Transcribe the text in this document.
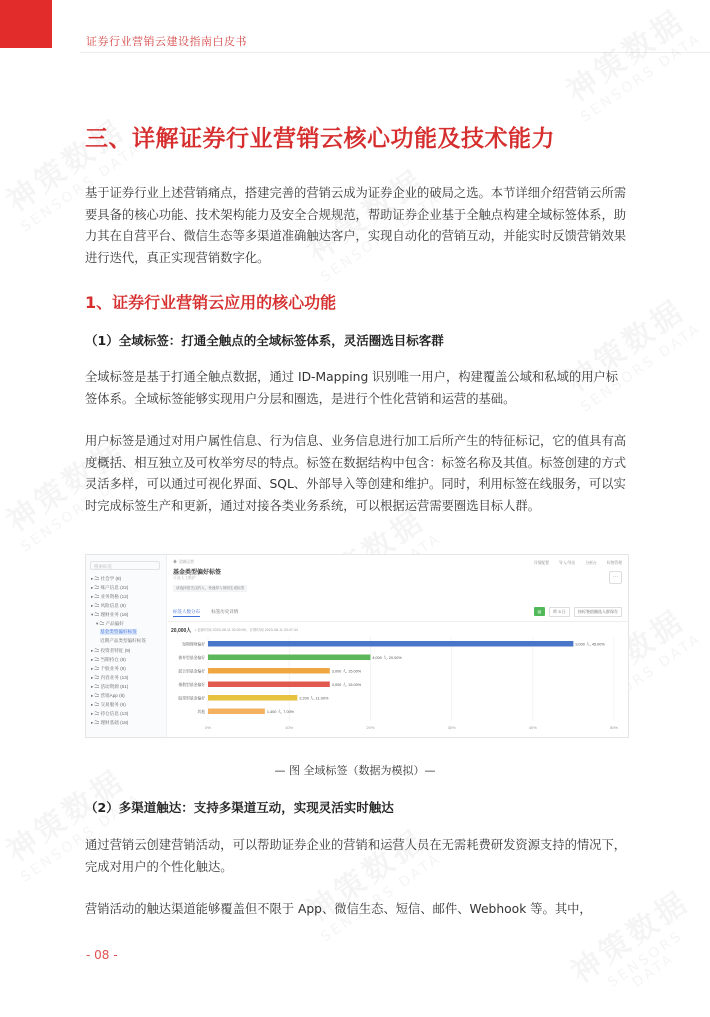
证券行业营销云建设指南白皮书
三、详解证券行业营销云核心功能及技术能力
基于证券行业上述营销痛点，搭建完善的营销云成为证券企业的破局之选。本节详细介绍营销云所需要具备的核心功能、技术架构能力及安全合规规范，帮助证券企业基于全触点构建全域标签体系，助力其在自营平台、微信生态等多渠道准确触达客户，实现自动化的营销互动，并能实时反馈营销效果进行迭代，真正实现营销数字化。
1、证券行业营销云应用的核心功能
（1）全域标签：打通全触点的全域标签体系，灵活圈选目标客群
全域标签是基于打通全触点数据，通过 ID-Mapping 识别唯一用户，构建覆盖公域和私域的用户标签体系。全域标签能够实现用户分层和圈选，是进行个性化营销和运营的基础。
用户标签是通过对用户属性信息、行为信息、业务信息进行加工后所产生的特征标记，它的值具有高度概括、相互独立及可枚举穷尽的特点。标签在数据结构中包含：标签名称及其值。标签创建的方式灵活多样，可以通过可视化界面、SQL、外部导入等创建和维护。同时，利用标签在线服务，可以实时完成标签生产和更新，通过对接各类业务系统，可以根据运营需要圈选目标人群。
搜索标签
▸ 🗀 社会学 (8)
▸ 🗀 账户信息 (22)
▸ 🗀 业务资格 (12)
▸ 🗀 风险信息 (8)
▾ 🗀 理财业务 (16)
▾ 🗀 产品偏好
基金类型偏好标签
近期产品类型偏好标签
▸ 🗀 投资者特征 (9)
▸ 🗀 当期持仓 (8)
▸ 🗀 个股业务 (8)
▸ 🗀 内容业务 (13)
▸ 🗀 活动资源 (61)
▸ 🗀 营销App (8)
▸ 🗀 交易服务 (6)
▸ 🗀 持仓信息 (13)
▸ 🗀 理财基础 (18)
◉ 全域运营
基金类型偏好标签
可选人工维护
请选择您关注的人，快速导入规则生成标签
详情配置	导入/导出	分析台	标签管理
···
标签人数分布	标签历史详情	▤	昨 5 日	按标签值圈选人群保存
20,000人 • 更新时间 2023-08-11 00:00:00，计算时间 2023-08-11 03:47:44
0%	10%	20%	30%	40%	50%
短期理财偏好	9,000 人, 45.00%
债券型基金偏好	4,000 人, 20.00%
混合型基金偏好	3,000 人, 15.00%
指数型基金偏好	3,000 人, 15.00%
股票型基金偏好	2,200 人, 11.00%
其他	1,400 人, 7.00%
— 图 全域标签（数据为模拟）—
（2）多渠道触达：支持多渠道互动，实现灵活实时触达
通过营销云创建营销活动，可以帮助证券企业的营销和运营人员在无需耗费研发资源支持的情况下，完成对用户的个性化触达。
营销活动的触达渠道能够覆盖但不限于 App、微信生态、短信、邮件、Webhook 等。其中，
- 08 -
